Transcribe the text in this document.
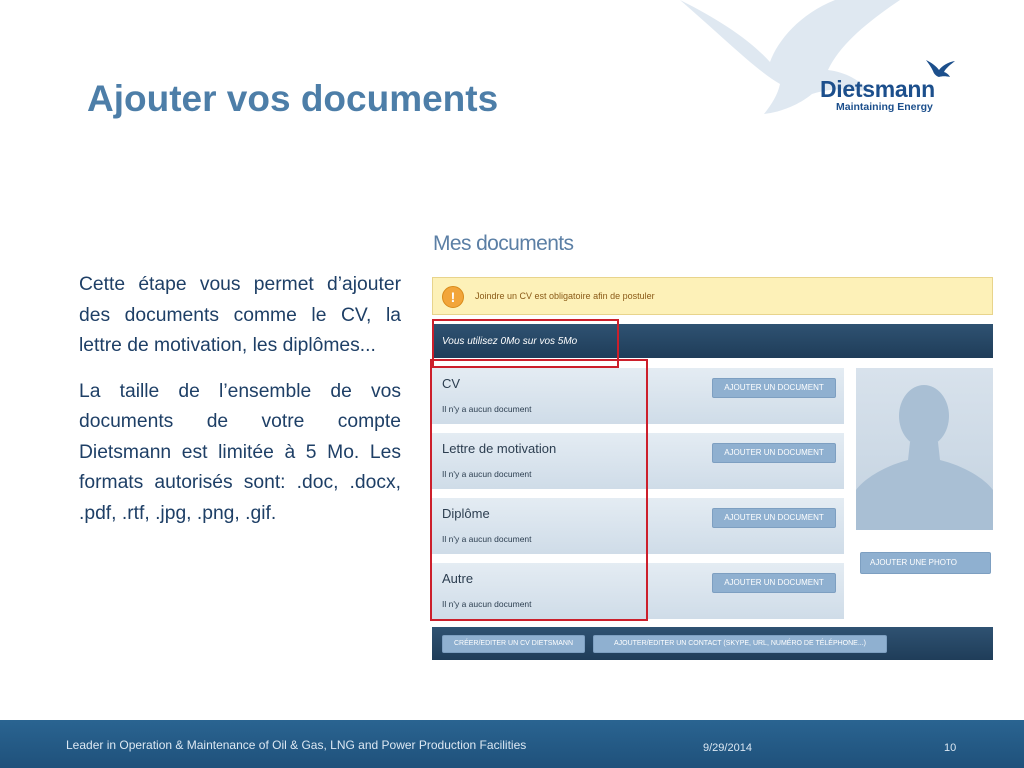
Dietsmann
Maintaining Energy
Ajouter vos documents

Cette étape vous permet d’ajouter des documents comme le CV, la lettre de motivation, les diplômes...

La taille de l’ensemble de vos documents de votre compte Dietsmann est limitée à 5 Mo. Les formats autorisés sont: .doc, .docx, .pdf, .rtf, .jpg, .png, .gif.

Mes documents
!	Joindre un CV est obligatoire afin de postuler
Vous utilisez 0Mo sur vos 5Mo
CV
Il n'y a aucun document
AJOUTER UN DOCUMENT
Lettre de motivation
Il n'y a aucun document
AJOUTER UN DOCUMENT
Diplôme
Il n'y a aucun document
AJOUTER UN DOCUMENT
Autre
Il n'y a aucun document
AJOUTER UN DOCUMENT
AJOUTER UNE PHOTO
CRÉER/EDITER UN CV DIETSMANN	AJOUTER/EDITER UN CONTACT (SKYPE, URL, NUMÉRO DE TÉLÉPHONE...)
Leader in Operation & Maintenance of Oil & Gas, LNG and Power Production Facilities	9/29/2014	10
